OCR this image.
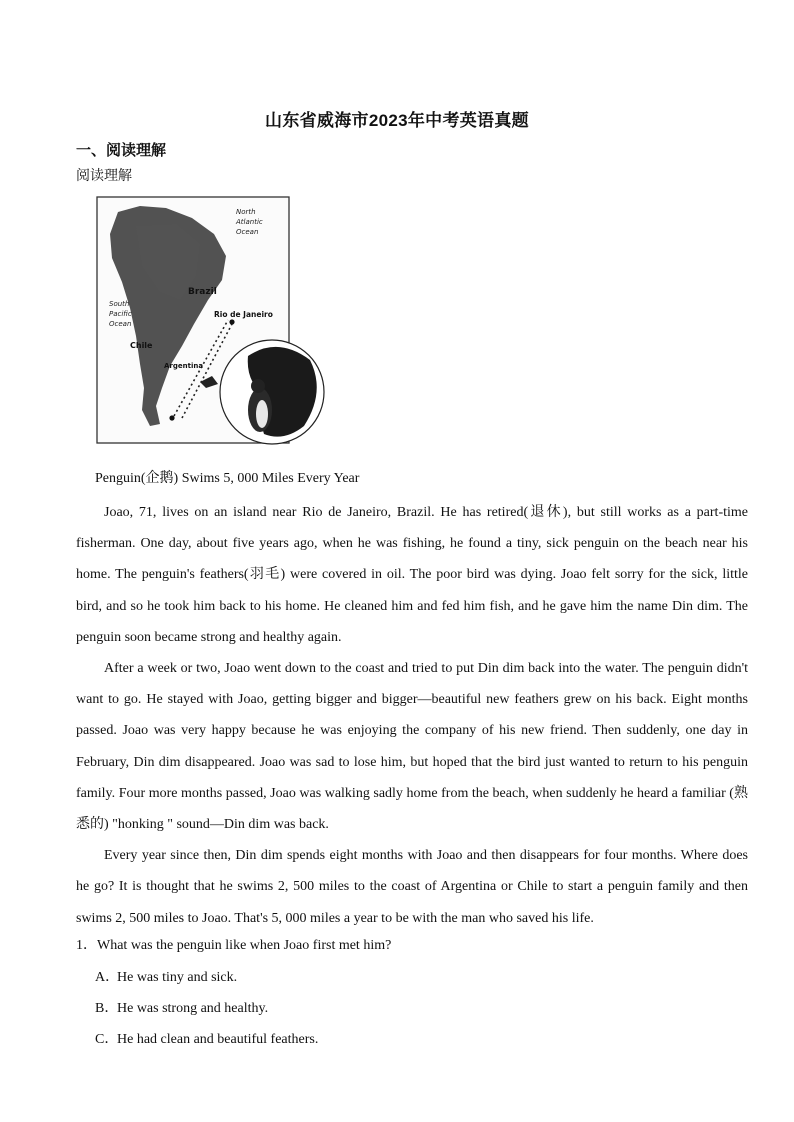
山东省威海市2023年中考英语真题
一、阅读理解
阅读理解
North Atlantic Ocean
South Pacific Ocean
Brazil
Rio de Janeiro
Chile
Argentina
Penguin(企鹅) Swims 5, 000 Miles Every Year

Joao, 71, lives on an island near Rio de Janeiro, Brazil. He has retired(退休), but still works as a part-time fisherman. One day, about five years ago, when he was fishing, he found a tiny, sick penguin on the beach near his home. The penguin's feathers(羽毛) were covered in oil. The poor bird was dying. Joao felt sorry for the sick, little bird, and so he took him back to his home. He cleaned him and fed him fish, and he gave him the name Din dim. The penguin soon became strong and healthy again.

After a week or two, Joao went down to the coast and tried to put Din dim back into the water. The penguin didn't want to go. He stayed with Joao, getting bigger and bigger—beautiful new feathers grew on his back. Eight months passed. Joao was very happy because he was enjoying the company of his new friend. Then suddenly, one day in February, Din dim disappeared. Joao was sad to lose him, but hoped that the bird just wanted to return to his penguin family. Four more months passed, Joao was walking sadly home from the beach, when suddenly he heard a familiar (熟悉的) "honking " sound—Din dim was back.

Every year since then, Din dim spends eight months with Joao and then disappears for four months. Where does he go? It is thought that he swims 2, 500 miles to the coast of Argentina or Chile to start a penguin family and then swims 2, 500 miles to Joao. That's 5, 000 miles a year to be with the man who saved his life.

1．What was the penguin like when Joao first met him?
A．He was tiny and sick.
B．He was strong and healthy.
C．He had clean and beautiful feathers.
